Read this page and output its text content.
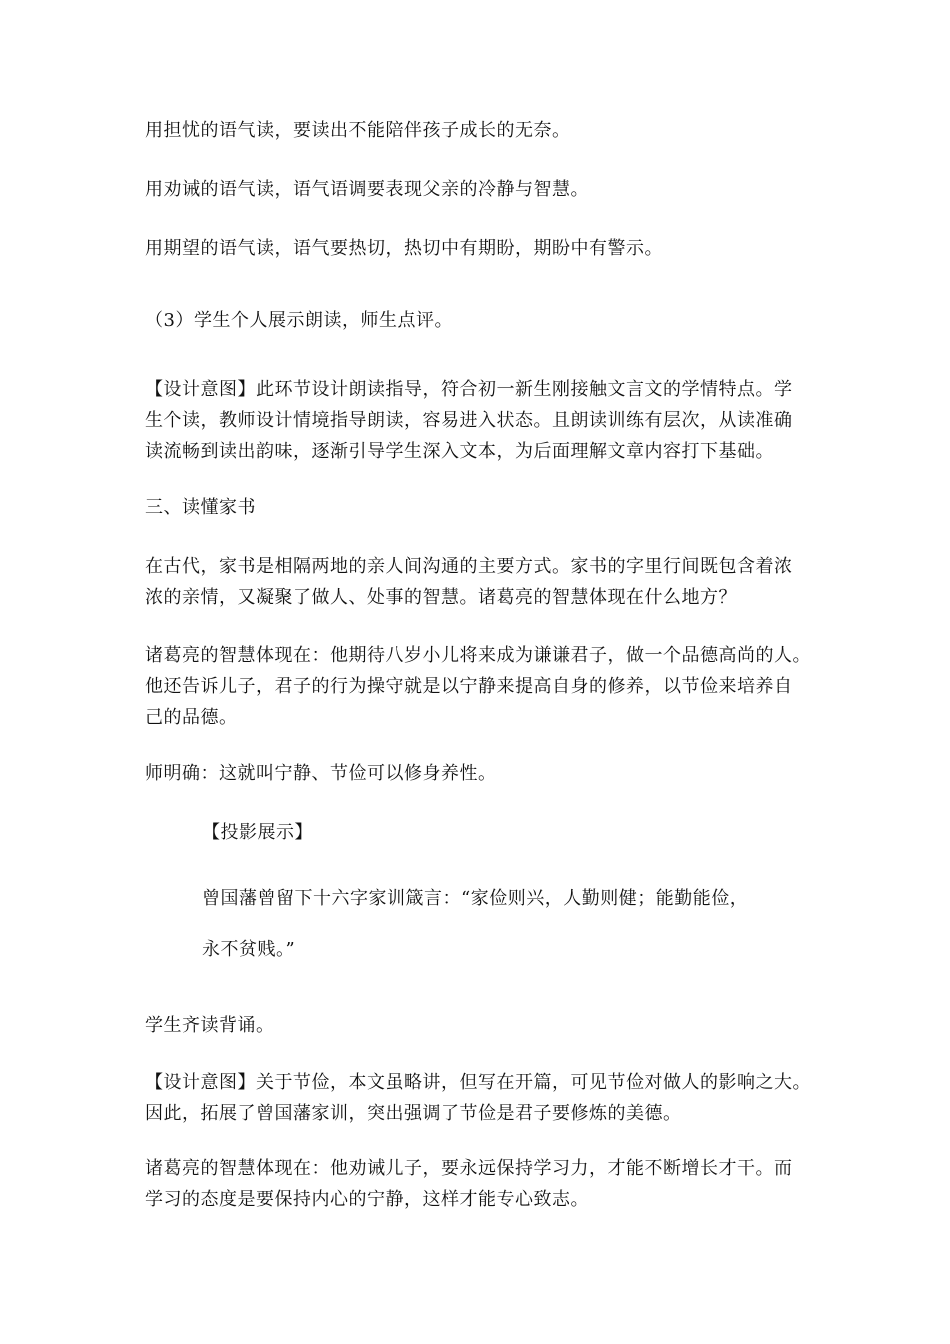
用担忧的语气读，要读出不能陪伴孩子成长的无奈。
用劝诫的语气读，语气语调要表现父亲的冷静与智慧。
用期望的语气读，语气要热切，热切中有期盼，期盼中有警示。
（3）学生个人展示朗读，师生点评。
【设计意图】此环节设计朗读指导，符合初一新生刚接触文言文的学情特点。学
生个读，教师设计情境指导朗读，容易进入状态。且朗读训练有层次，从读准确
读流畅到读出韵味，逐渐引导学生深入文本，为后面理解文章内容打下基础。
三、读懂家书
在古代，家书是相隔两地的亲人间沟通的主要方式。家书的字里行间既包含着浓
浓的亲情，又凝聚了做人、处事的智慧。诸葛亮的智慧体现在什么地方？
诸葛亮的智慧体现在：他期待八岁小儿将来成为谦谦君子，做一个品德高尚的人。
他还告诉儿子，君子的行为操守就是以宁静来提高自身的修养，以节俭来培养自
己的品德。
师明确：这就叫宁静、节俭可以修身养性。
【投影展示】
曾国藩曾留下十六字家训箴言：“家俭则兴，人勤则健；能勤能俭，
永不贫贱。”
学生齐读背诵。
【设计意图】关于节俭，本文虽略讲，但写在开篇，可见节俭对做人的影响之大。
因此，拓展了曾国藩家训，突出强调了节俭是君子要修炼的美德。
诸葛亮的智慧体现在：他劝诫儿子，要永远保持学习力，才能不断增长才干。而
学习的态度是要保持内心的宁静，这样才能专心致志。
